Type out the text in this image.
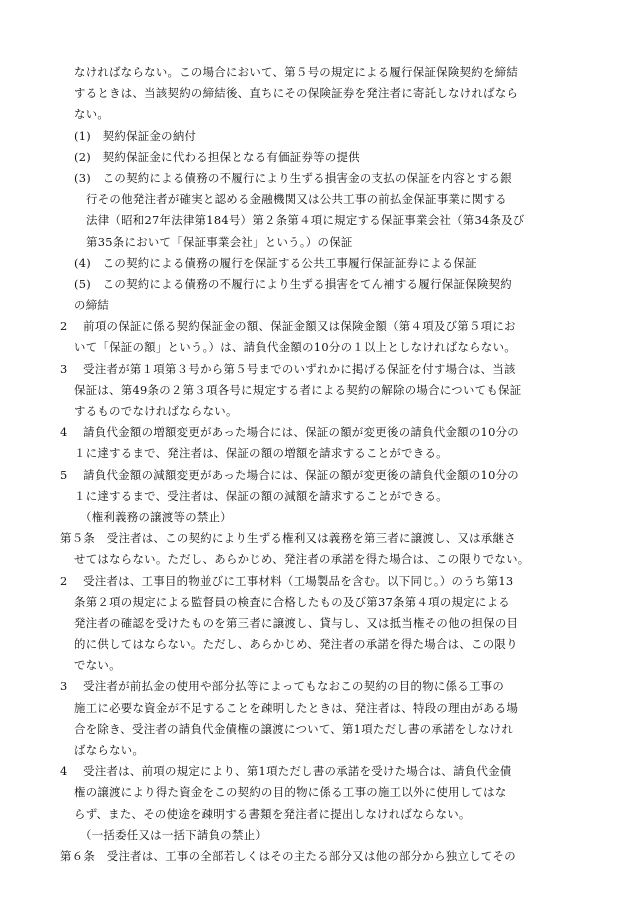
なければならない。この場合において、第５号の規定による履行保証保険契約を締結
するときは、当該契約の締結後、直ちにその保険証券を発注者に寄託しなければなら
ない。
(1)　契約保証金の納付
(2)　契約保証金に代わる担保となる有価証券等の提供
(3)　この契約による債務の不履行により生ずる損害金の支払の保証を内容とする銀
行その他発注者が確実と認める金融機関又は公共工事の前払金保証事業に関する
法律（昭和27年法律第184号）第２条第４項に規定する保証事業会社（第34条及び
第35条において「保証事業会社」という。）の保証
(4)　この契約による債務の履行を保証する公共工事履行保証証券による保証
(5)　この契約による債務の不履行により生ずる損害をてん補する履行保証保険契約
の締結
2　 前項の保証に係る契約保証金の額、保証金額又は保険金額（第４項及び第５項にお
いて「保証の額」という。）は、請負代金額の10分の１以上としなければならない。
3　 受注者が第１項第３号から第５号までのいずれかに掲げる保証を付す場合は、当該
保証は、第49条の２第３項各号に規定する者による契約の解除の場合についても保証
するものでなければならない。
4　 請負代金額の増額変更があった場合には、保証の額が変更後の請負代金額の10分の
１に達するまで、発注者は、保証の額の増額を請求することができる。
5　 請負代金額の減額変更があった場合には、保証の額が変更後の請負代金額の10分の
１に達するまで、受注者は、保証の額の減額を請求することができる。
（権利義務の譲渡等の禁止）
第５条　受注者は、この契約により生ずる権利又は義務を第三者に譲渡し、又は承継さ
せてはならない。ただし、あらかじめ、発注者の承諾を得た場合は、この限りでない。
2　 受注者は、工事目的物並びに工事材料（工場製品を含む。以下同じ。）のうち第13
条第２項の規定による監督員の検査に合格したもの及び第37条第４項の規定による
発注者の確認を受けたものを第三者に譲渡し、貸与し、又は抵当権その他の担保の目
的に供してはならない。ただし、あらかじめ、発注者の承諾を得た場合は、この限り
でない。
3　 受注者が前払金の使用や部分払等によってもなおこの契約の目的物に係る工事の
施工に必要な資金が不足することを疎明したときは、発注者は、特段の理由がある場
合を除き、受注者の請負代金債権の譲渡について、第1項ただし書の承諾をしなけれ
ばならない。
4　 受注者は、前項の規定により、第1項ただし書の承諾を受けた場合は、請負代金債
権の譲渡により得た資金をこの契約の目的物に係る工事の施工以外に使用してはな
らず、また、その使途を疎明する書類を発注者に提出しなければならない。
（一括委任又は一括下請負の禁止）
第６条　受注者は、工事の全部若しくはその主たる部分又は他の部分から独立してその
